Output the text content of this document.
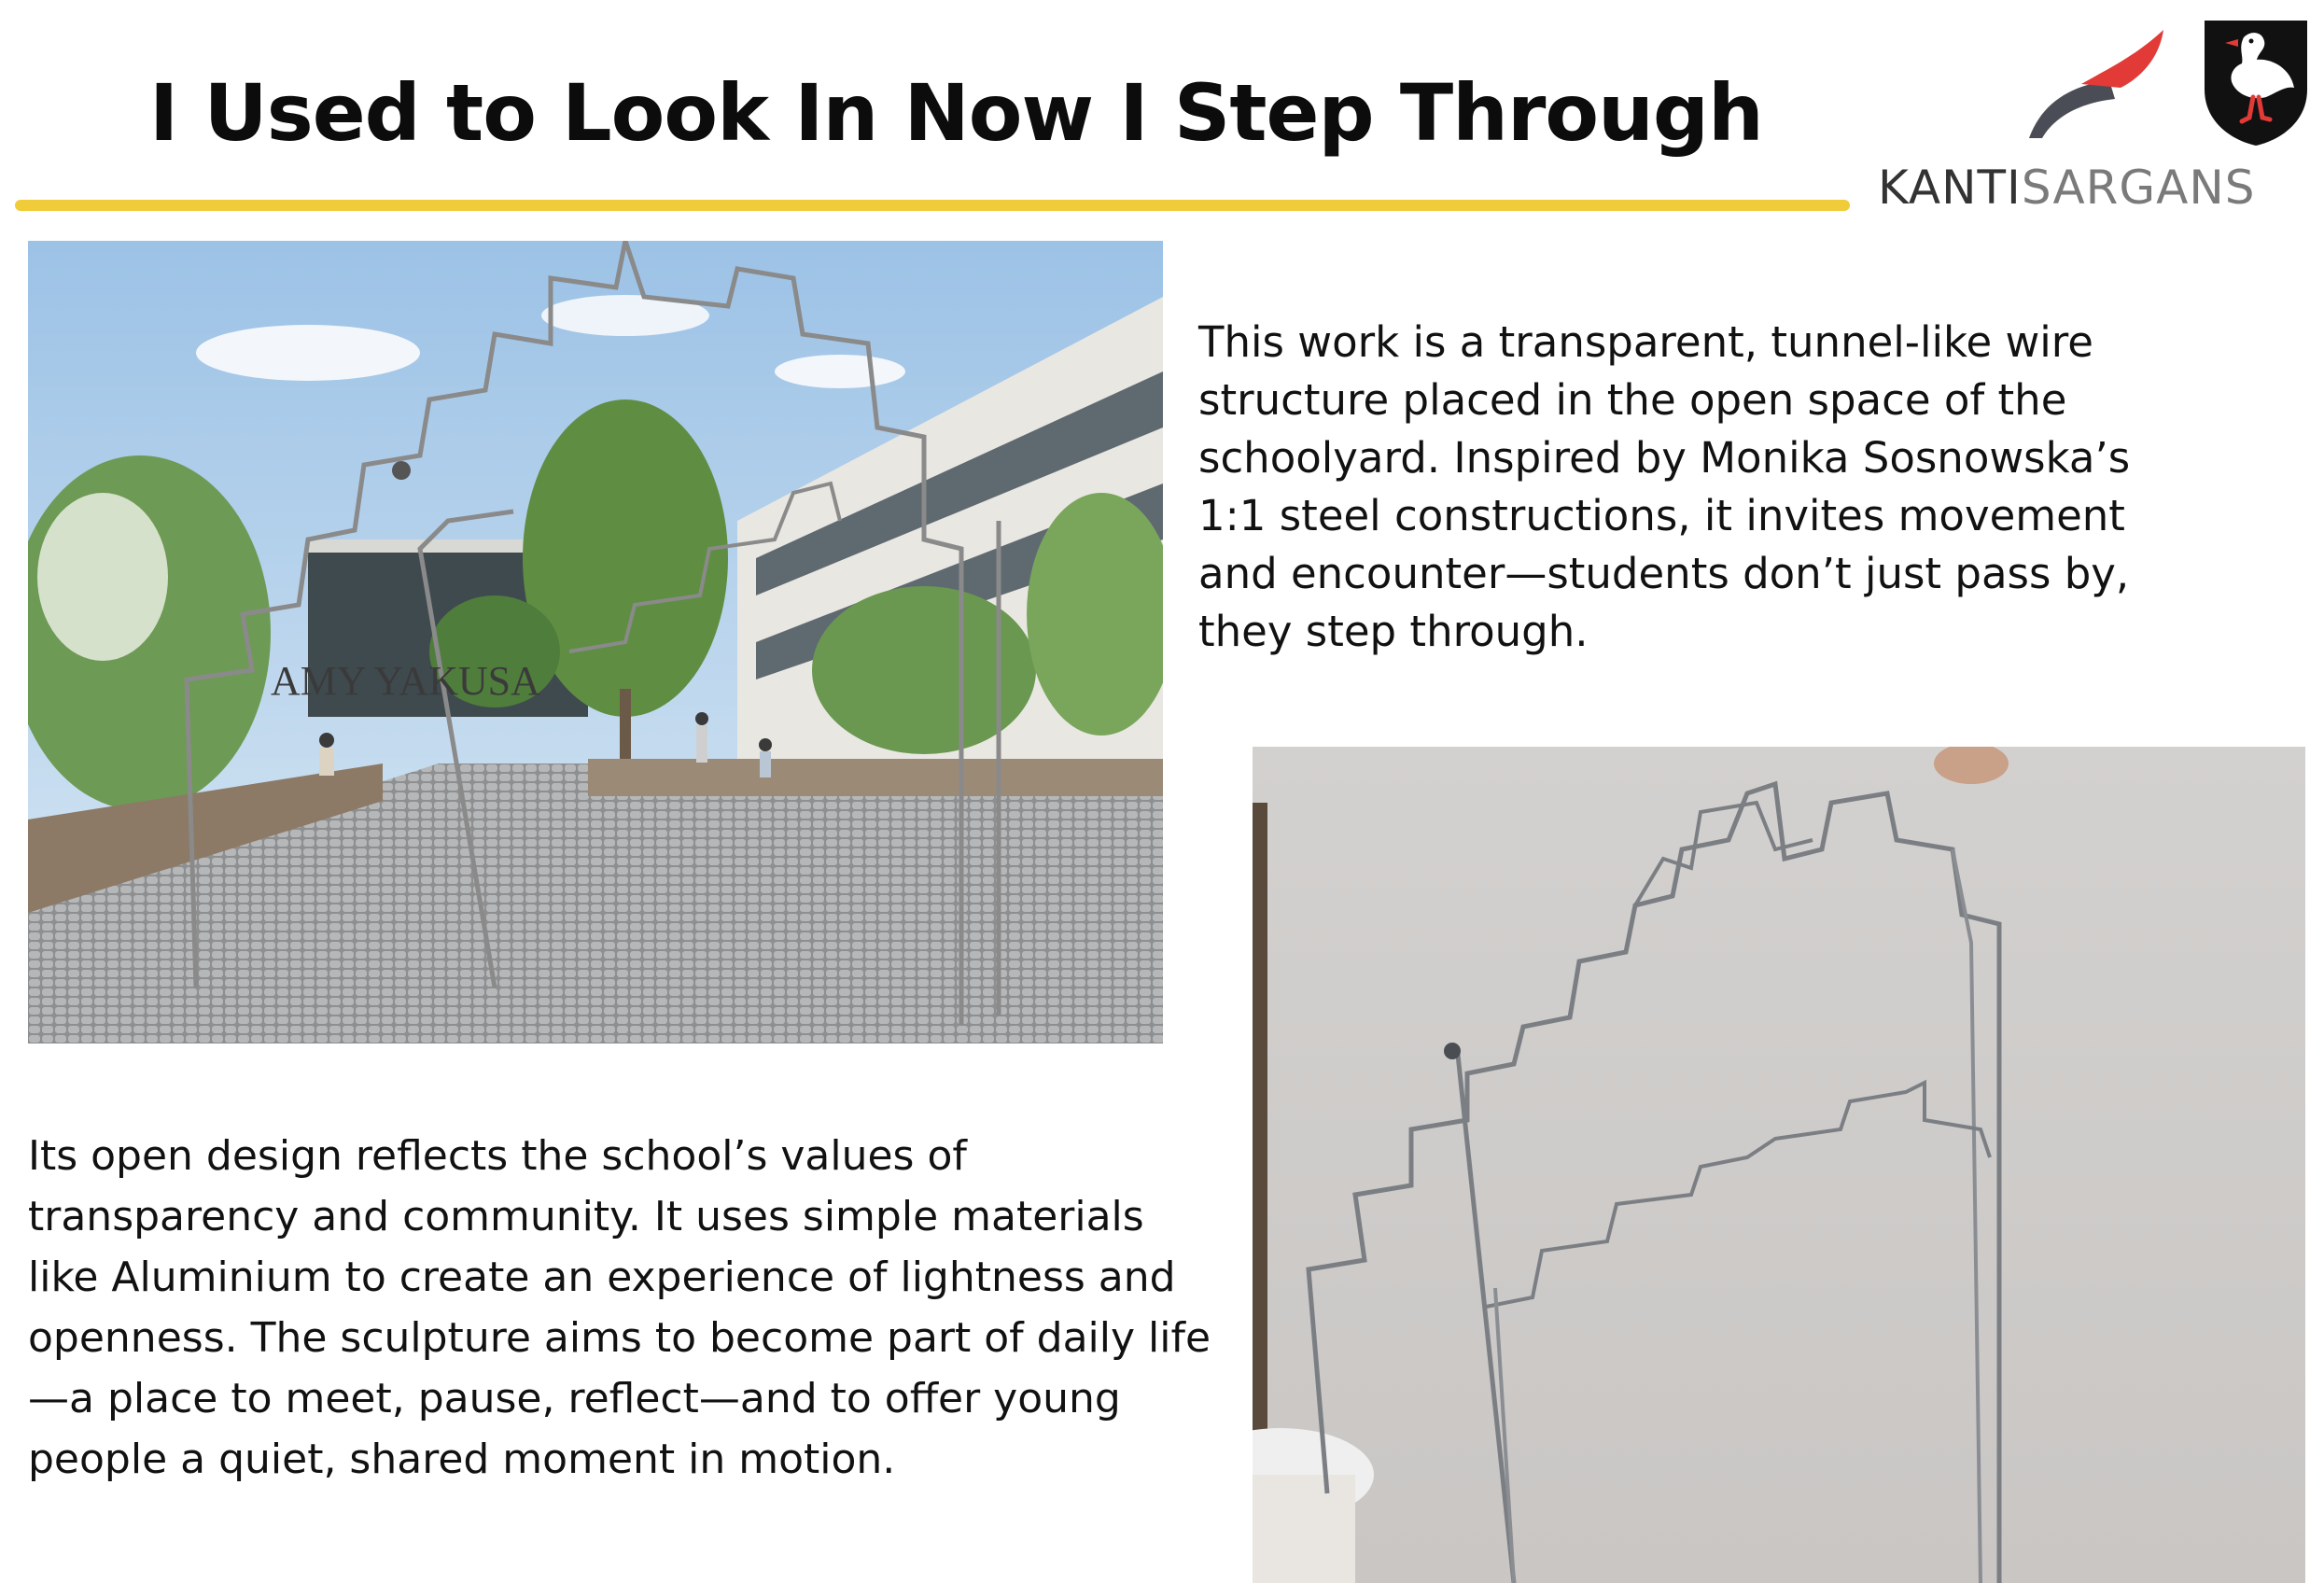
I Used to Look In Now I Step Through
KANTISARGANS
AMY YAKUSA

This work is a transparent, tunnel-like wire
structure placed in the open space of the
schoolyard. Inspired by Monika Sosnowska’s
1:1 steel constructions, it invites movement
and encounter—students don’t just pass by,
they step through.

Its open design reflects the school’s values of
transparency and community. It uses simple materials
like Aluminium to create an experience of lightness and
openness. The sculpture aims to become part of daily life
—a place to meet, pause, reflect—and to offer young
people a quiet, shared moment in motion.
